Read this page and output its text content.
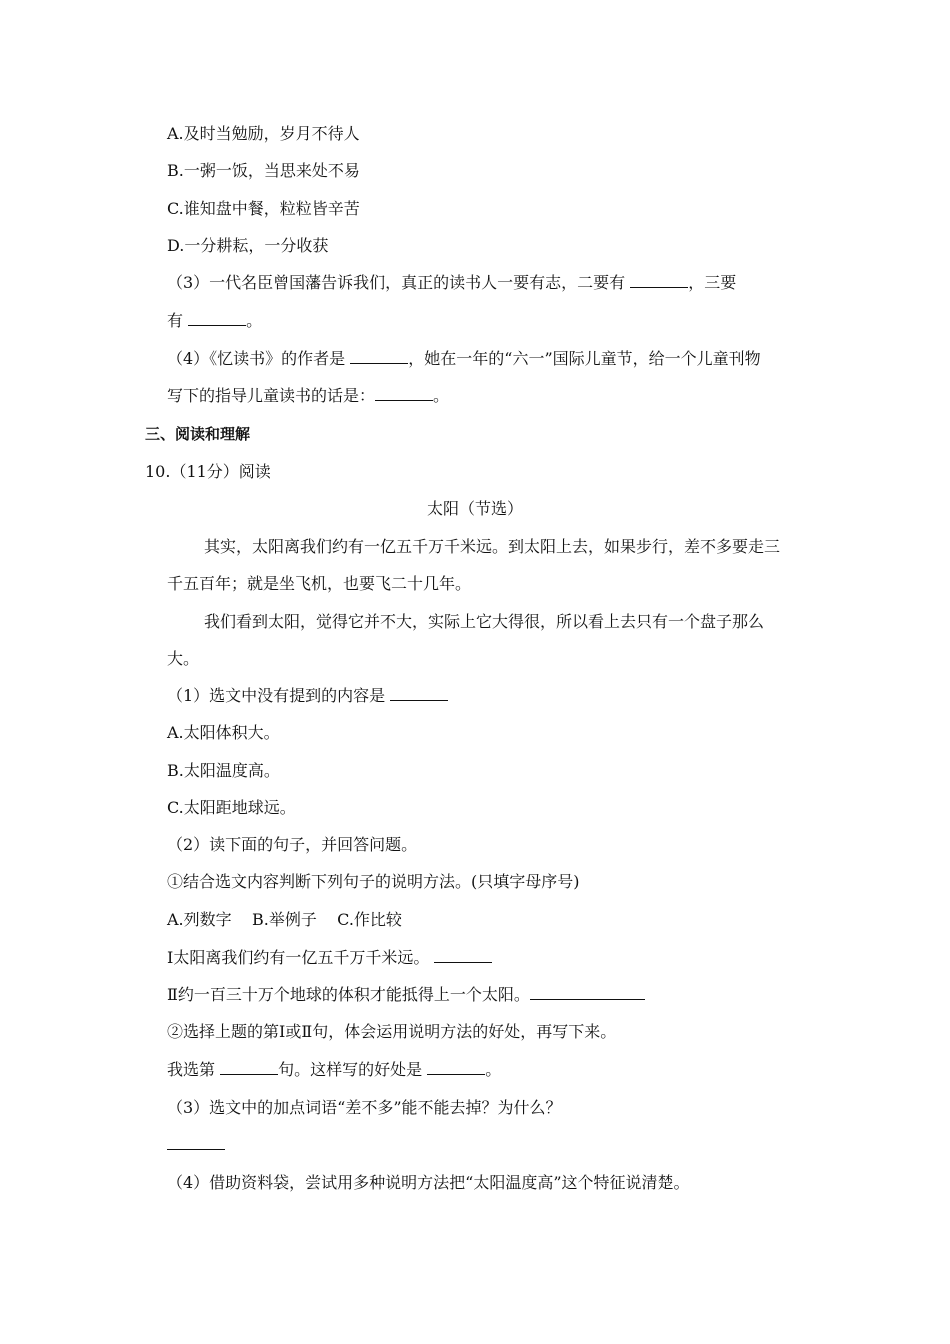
A.及时当勉励，岁月不待人
B.一粥一饭，当思来处不易
C.谁知盘中餐，粒粒皆辛苦
D.一分耕耘，一分收获
（3）一代名臣曾国藩告诉我们，真正的读书人一要有志，二要有	，三要
有	。
（4）《忆读书》的作者是	，她在一年的“六一”国际儿童节，给一个儿童刊物
写下的指导儿童读书的话是：	。
三、阅读和理解
10.（11分）阅读
太阳（节选）
其实，太阳离我们约有一亿五千万千米远。到太阳上去，如果步行，差不多要走三
千五百年；就是坐飞机，也要飞二十几年。
我们看到太阳，觉得它并不大，实际上它大得很，所以看上去只有一个盘子那么
大。
（1）选文中没有提到的内容是
A.太阳体积大。
B.太阳温度高。
C.太阳距地球远。
（2）读下面的句子，并回答问题。
①结合选文内容判断下列句子的说明方法。(只填字母序号)
A.列数字    B.举例子    C.作比较
Ⅰ太阳离我们约有一亿五千万千米远。
Ⅱ约一百三十万个地球的体积才能抵得上一个太阳。
②选择上题的第Ⅰ或Ⅱ句，体会运用说明方法的好处，再写下来。
我选第	句。这样写的好处是	。
（3）选文中的加点词语“差不多”能不能去掉？为什么？
（4）借助资料袋，尝试用多种说明方法把“太阳温度高”这个特征说清楚。
